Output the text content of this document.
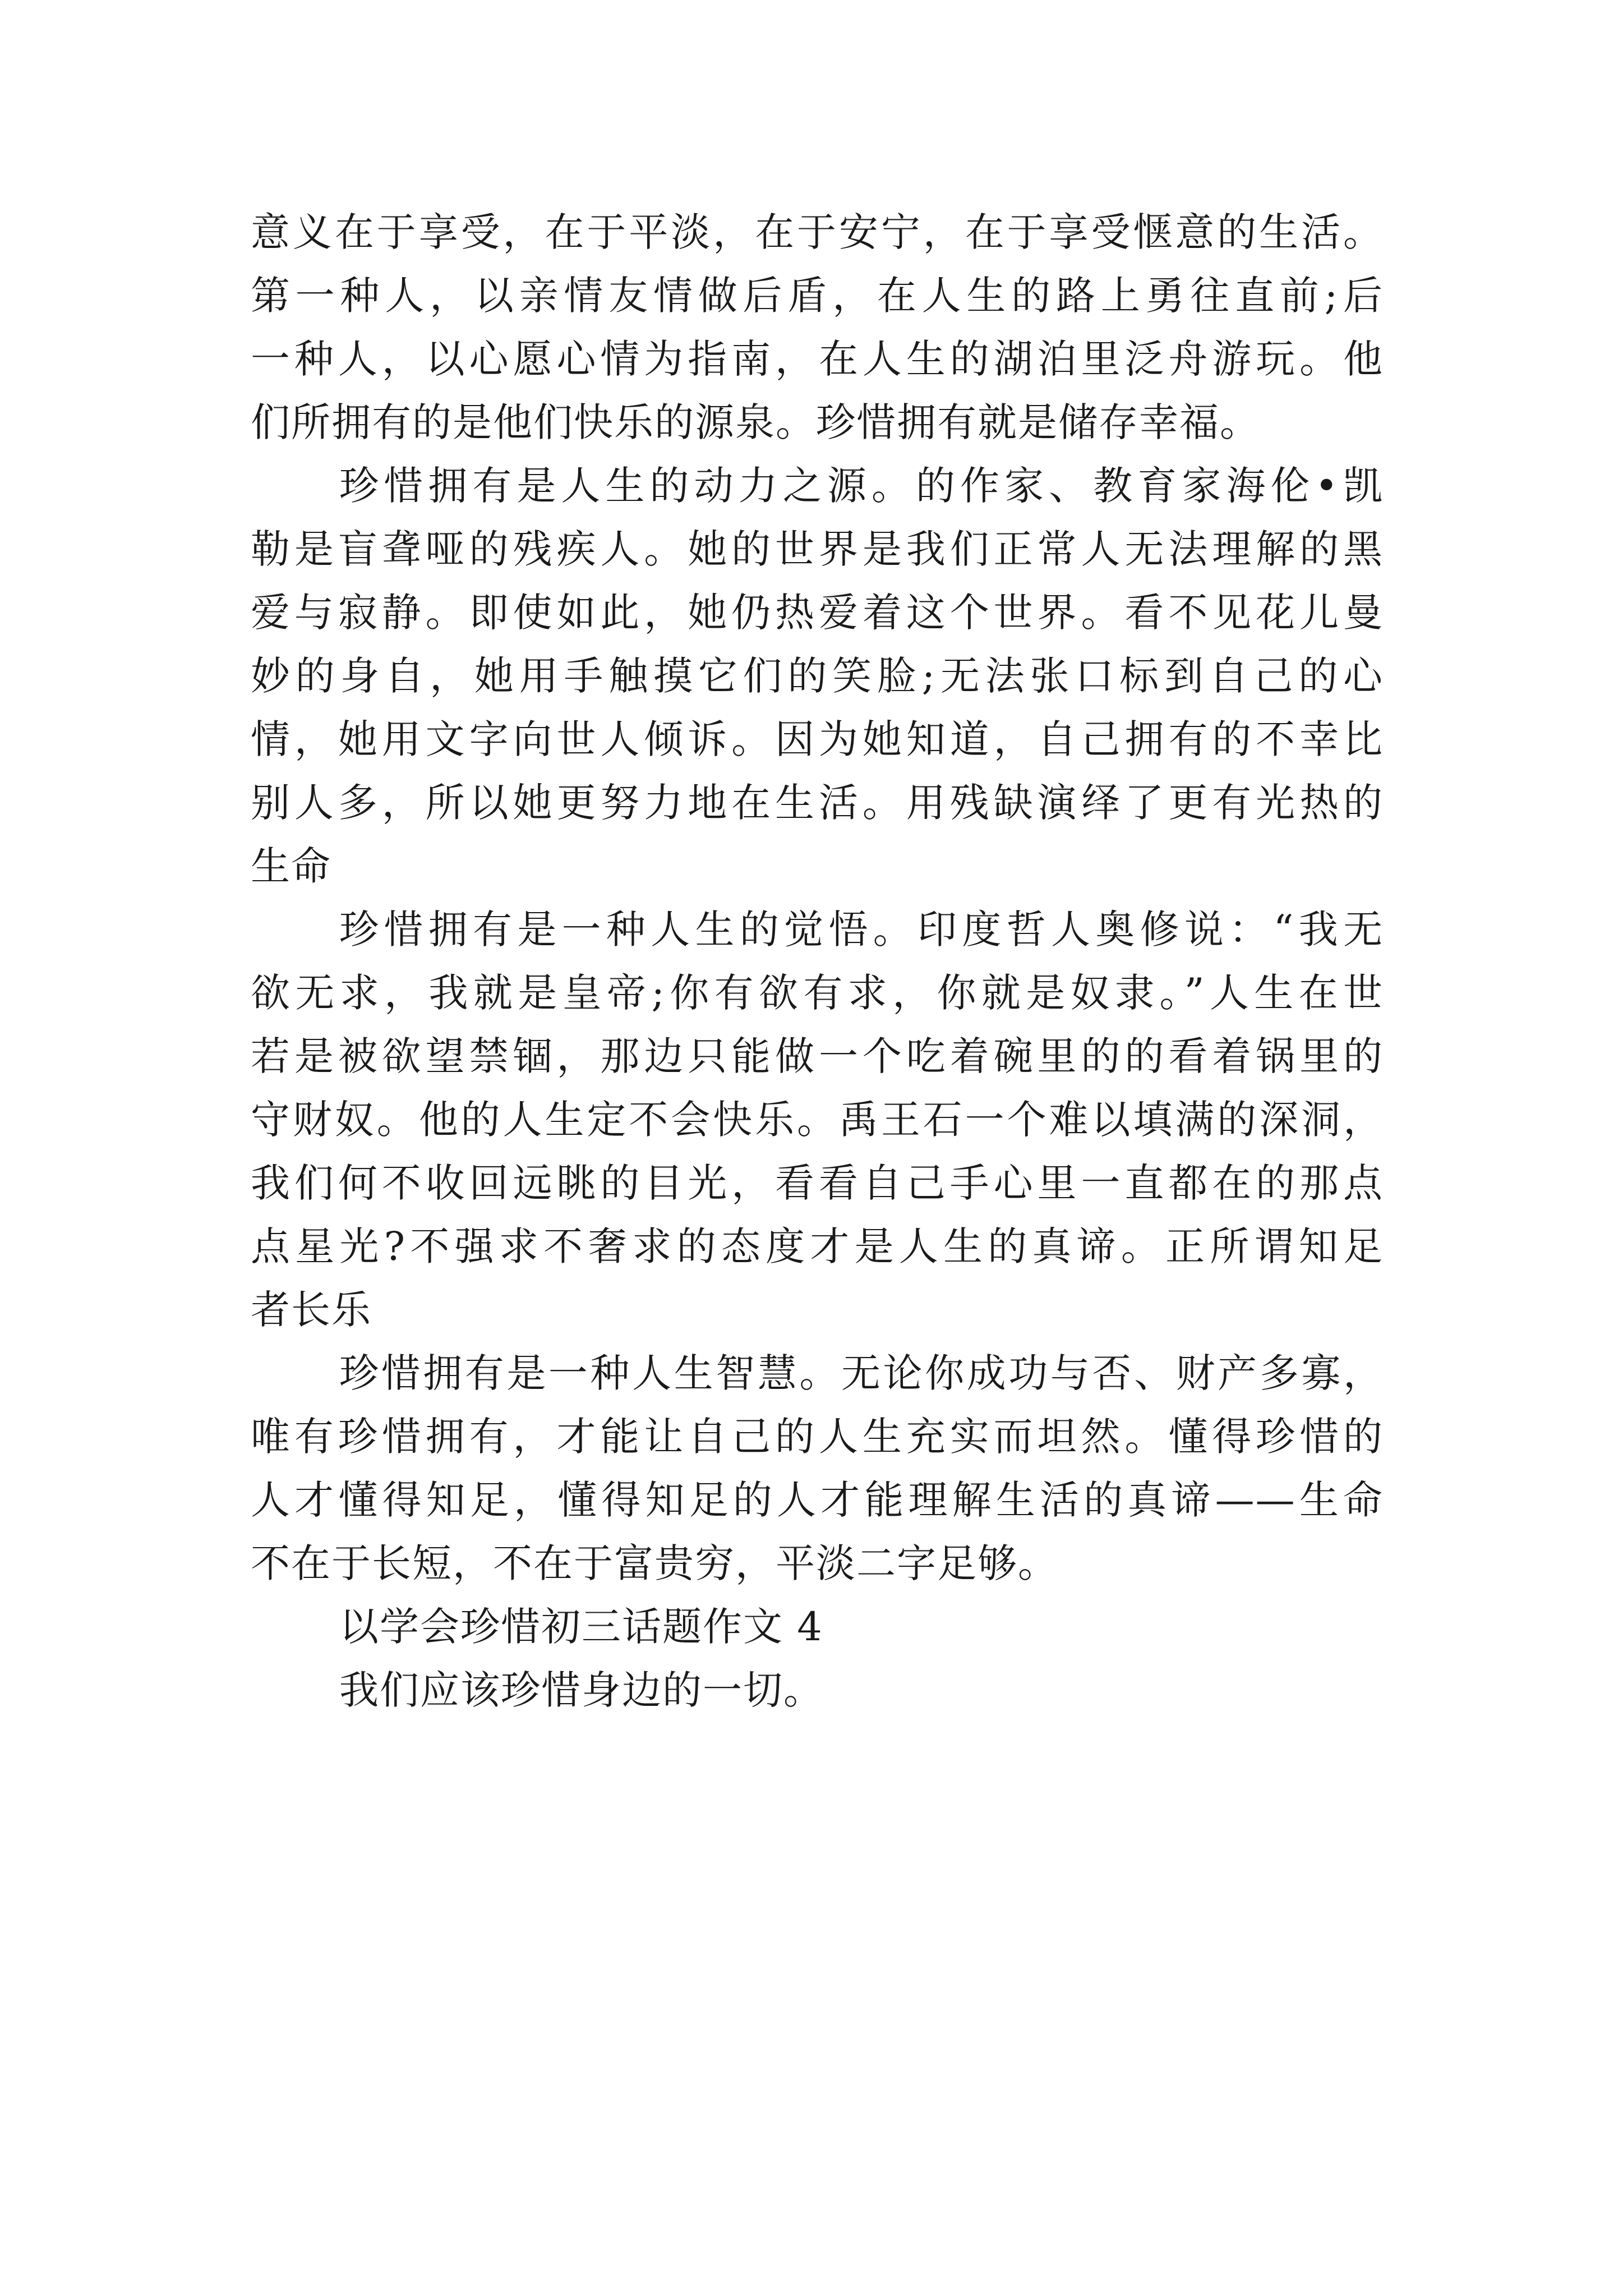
意义在于享受，在于平淡，在于安宁，在于享受惬意的生活。
第一种人，以亲情友情做后盾，在人生的路上勇往直前;后
一种人，以心愿心情为指南，在人生的湖泊里泛舟游玩。他
们所拥有的是他们快乐的源泉。珍惜拥有就是储存幸福。
珍惜拥有是人生的动力之源。的作家、教育家海伦•凯
勒是盲聋哑的残疾人。她的世界是我们正常人无法理解的黑
爱与寂静。即使如此，她仍热爱着这个世界。看不见花儿曼
妙的身自，她用手触摸它们的笑脸;无法张口标到自己的心
情，她用文字向世人倾诉。因为她知道，自己拥有的不幸比
别人多，所以她更努力地在生活。用残缺演绎了更有光热的
生命
珍惜拥有是一种人生的觉悟。印度哲人奥修说：“我无
欲无求，我就是皇帝;你有欲有求，你就是奴隶。”人生在世
若是被欲望禁锢，那边只能做一个吃着碗里的的看着锅里的
守财奴。他的人生定不会快乐。禹王石一个难以填满的深洞，
我们何不收回远眺的目光，看看自己手心里一直都在的那点
点星光?不强求不奢求的态度才是人生的真谛。正所谓知足
者长乐
珍惜拥有是一种人生智慧。无论你成功与否、财产多寡，
唯有珍惜拥有，才能让自己的人生充实而坦然。懂得珍惜的
人才懂得知足，懂得知足的人才能理解生活的真谛——生命
不在于长短，不在于富贵穷，平淡二字足够。
以学会珍惜初三话题作文 4
我们应该珍惜身边的一切。
